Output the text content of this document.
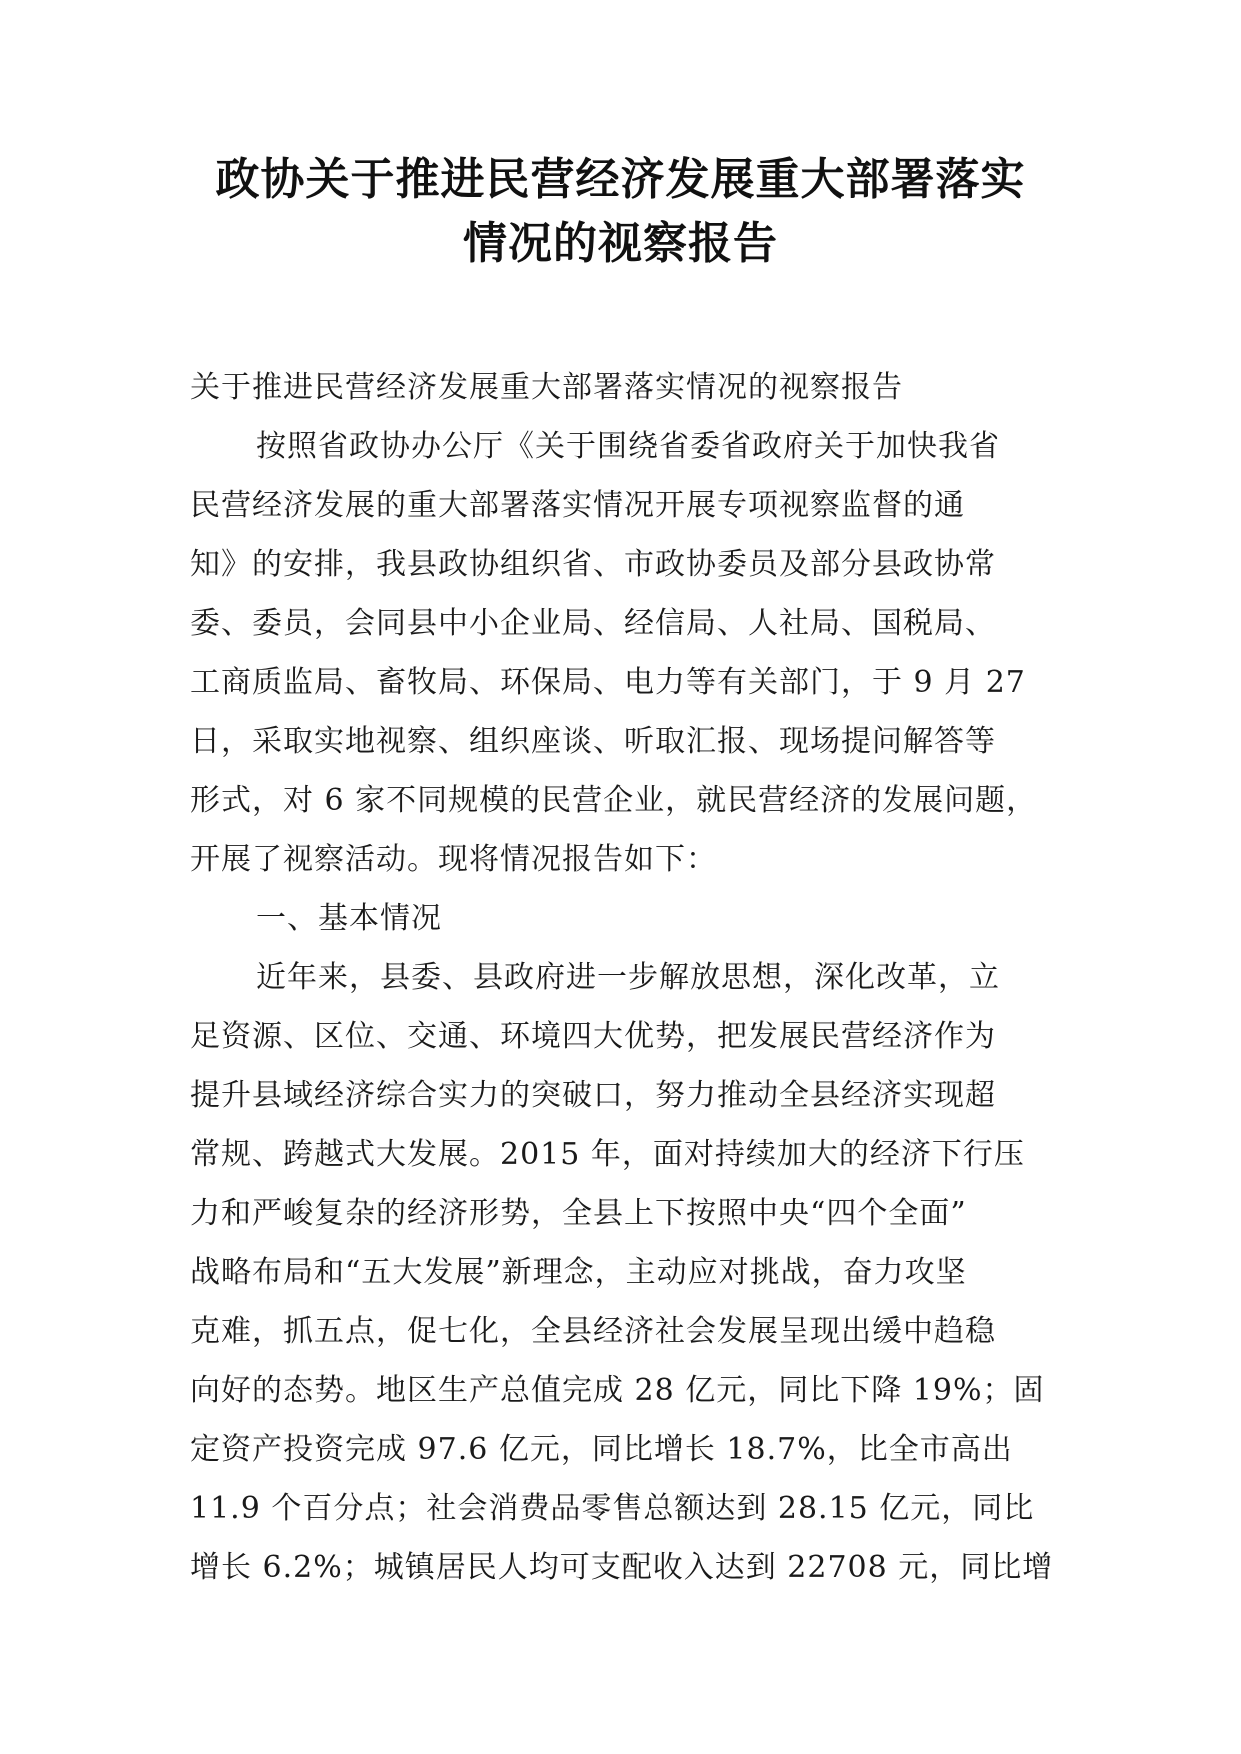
政协关于推进民营经济发展重大部署落实
情况的视察报告

关于推进民营经济发展重大部署落实情况的视察报告

按照省政协办公厅《关于围绕省委省政府关于加快我省
民营经济发展的重大部署落实情况开展专项视察监督的通
知》的安排，我县政协组织省、市政协委员及部分县政协常
委、委员，会同县中小企业局、经信局、人社局、国税局、
工商质监局、畜牧局、环保局、电力等有关部门，于 9 月 27
日，采取实地视察、组织座谈、听取汇报、现场提问解答等
形式，对 6 家不同规模的民营企业，就民营经济的发展问题，
开展了视察活动。现将情况报告如下：

一、基本情况

近年来，县委、县政府进一步解放思想，深化改革，立
足资源、区位、交通、环境四大优势，把发展民营经济作为
提升县域经济综合实力的突破口，努力推动全县经济实现超
常规、跨越式大发展。2015 年，面对持续加大的经济下行压
力和严峻复杂的经济形势，全县上下按照中央“四个全面”
战略布局和“五大发展”新理念，主动应对挑战，奋力攻坚
克难，抓五点，促七化，全县经济社会发展呈现出缓中趋稳
向好的态势。地区生产总值完成 28 亿元，同比下降 19%；固
定资产投资完成 97.6 亿元，同比增长 18.7%，比全市高出
11.9 个百分点；社会消费品零售总额达到 28.15 亿元，同比
增长 6.2%；城镇居民人均可支配收入达到 22708 元，同比增
